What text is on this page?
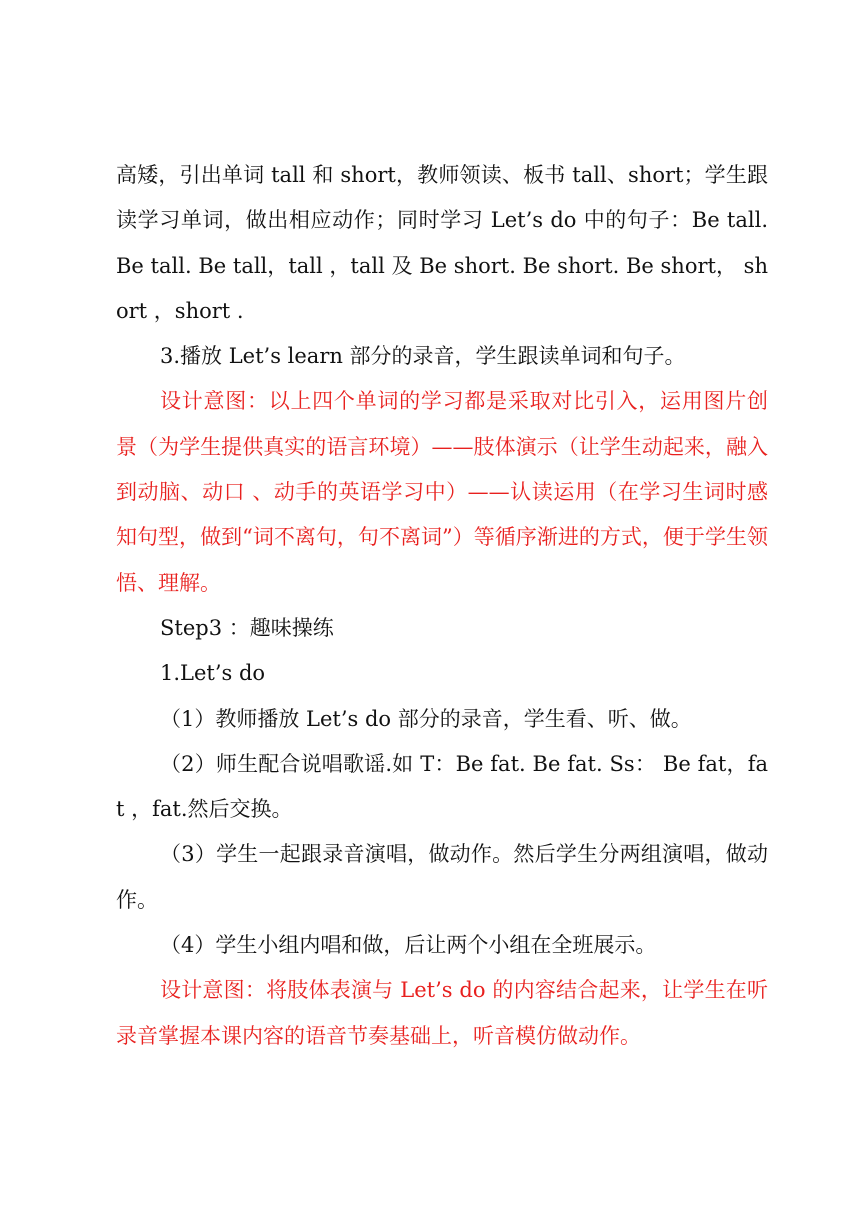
高矮，引出单词 tall 和 short，教师领读、板书 tall、short；学生跟读学习单词，做出相应动作；同时学习 Let’s do 中的句子：Be tall. Be tall. Be tall，tall ，tall 及 Be short. Be short. Be short， short ，short .

3.播放 Let’s learn 部分的录音，学生跟读单词和句子。

设计意图：以上四个单词的学习都是采取对比引入，运用图片创景（为学生提供真实的语言环境）——肢体演示（让学生动起来，融入到动脑、动口 、动手的英语学习中）——认读运用（在学习生词时感知句型，做到“词不离句，句不离词”）等循序渐进的方式，便于学生领悟、理解。

Step3 ：趣味操练

1.Let’s do

（1）教师播放 Let’s do 部分的录音，学生看、听、做。

（2）师生配合说唱歌谣.如 T：Be fat. Be fat. Ss： Be fat，fat ，fat.然后交换。

（3）学生一起跟录音演唱，做动作。然后学生分两组演唱，做动作。

（4）学生小组内唱和做，后让两个小组在全班展示。

设计意图：将肢体表演与 Let’s do 的内容结合起来，让学生在听录音掌握本课内容的语音节奏基础上，听音模仿做动作。
